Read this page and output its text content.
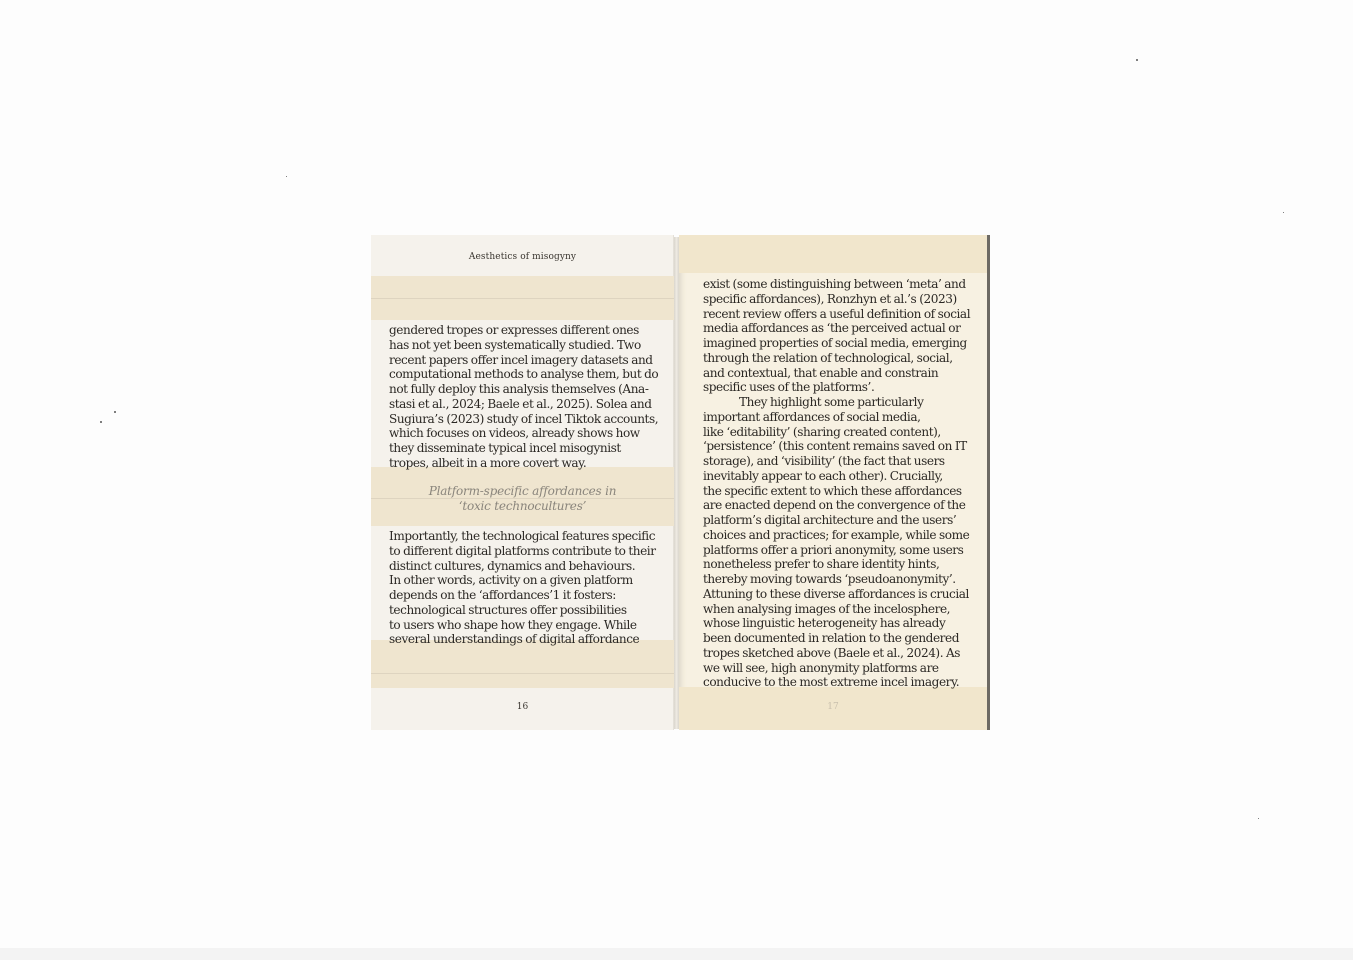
Aesthetics of misogyny

gendered tropes or expresses different ones

has not yet been systematically studied. Two

recent papers offer incel imagery datasets and

computational methods to analyse them, but do

not fully deploy this analysis themselves (Ana-

stasi et al., 2024; Baele et al., 2025). Solea and

Sugiura’s (2023) study of incel Tiktok accounts,

which focuses on videos, already shows how

they disseminate typical incel misogynist

tropes, albeit in a more covert way.

Platform-specific affordances in
‘toxic technocultures’

Importantly, the technological features specific

to different digital platforms contribute to their

distinct cultures, dynamics and behaviours.

In other words, activity on a given platform

depends on the ‘affordances’1 it fosters:

technological structures offer possibilities

to users who shape how they engage. While

several understandings of digital affordance

16

exist (some distinguishing between ‘meta’ and

specific affordances), Ronzhyn et al.’s (2023)

recent review offers a useful definition of social

media affordances as ‘the perceived actual or

imagined properties of social media, emerging

through the relation of technological, social,

and contextual, that enable and constrain

specific uses of the platforms’.

They highlight some particularly

important affordances of social media,

like ‘editability’ (sharing created content),

‘persistence’ (this content remains saved on IT

storage), and ‘visibility’ (the fact that users

inevitably appear to each other). Crucially,

the specific extent to which these affordances

are enacted depend on the convergence of the

platform’s digital architecture and the users’

choices and practices; for example, while some

platforms offer a priori anonymity, some users

nonetheless prefer to share identity hints,

thereby moving towards ‘pseudoanonymity’.

Attuning to these diverse affordances is crucial

when analysing images of the incelosphere,

whose linguistic heterogeneity has already

been documented in relation to the gendered

tropes sketched above (Baele et al., 2024). As

we will see, high anonymity platforms are

conducive to the most extreme incel imagery.

17
